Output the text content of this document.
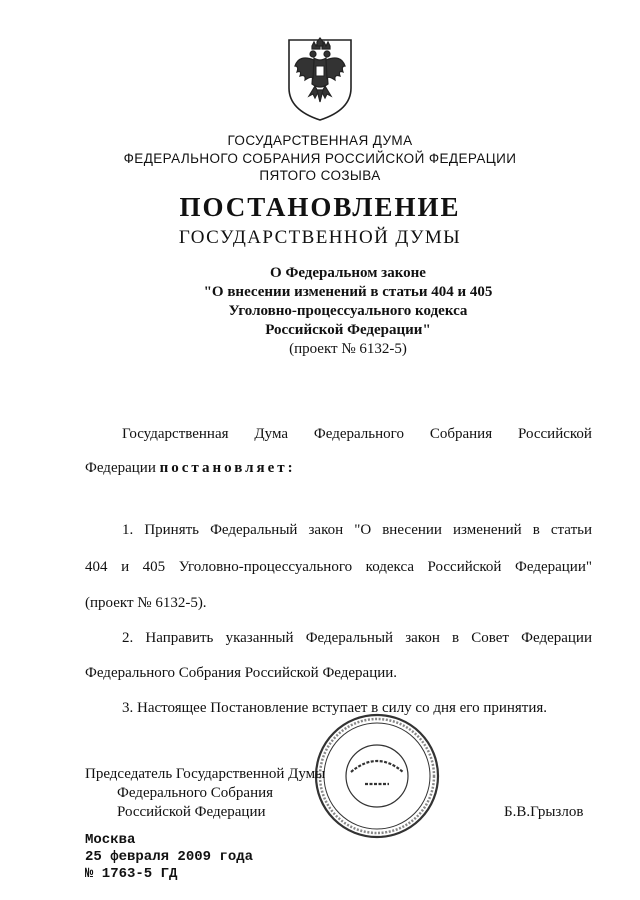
ГОСУДАРСТВЕННАЯ ДУМА
ФЕДЕРАЛЬНОГО СОБРАНИЯ РОССИЙСКОЙ ФЕДЕРАЦИИ
ПЯТОГО СОЗЫВА
ПОСТАНОВЛЕНИЕ
ГОСУДАРСТВЕННОЙ ДУМЫ
О Федеральном законе
"О внесении изменений в статьи 404 и 405
Уголовно-процессуального кодекса
Российской Федерации"
(проект № 6132-5)
Государственная Дума Федерального Собрания Российской
Федерации постановляет:
1. Принять Федеральный закон "О внесении изменений в статьи
404 и 405 Уголовно-процессуального кодекса Российской Федерации"
(проект № 6132-5).
2. Направить указанный Федеральный закон в Совет Федерации
Федерального Собрания Российской Федерации.
3. Настоящее Постановление вступает в силу со дня его принятия.
Председатель Государственной Думы
Федерального Собрания
Российской Федерации	Б.В.Грызлов
Москва
25 февраля 2009 года
№ 1763-5 ГД
